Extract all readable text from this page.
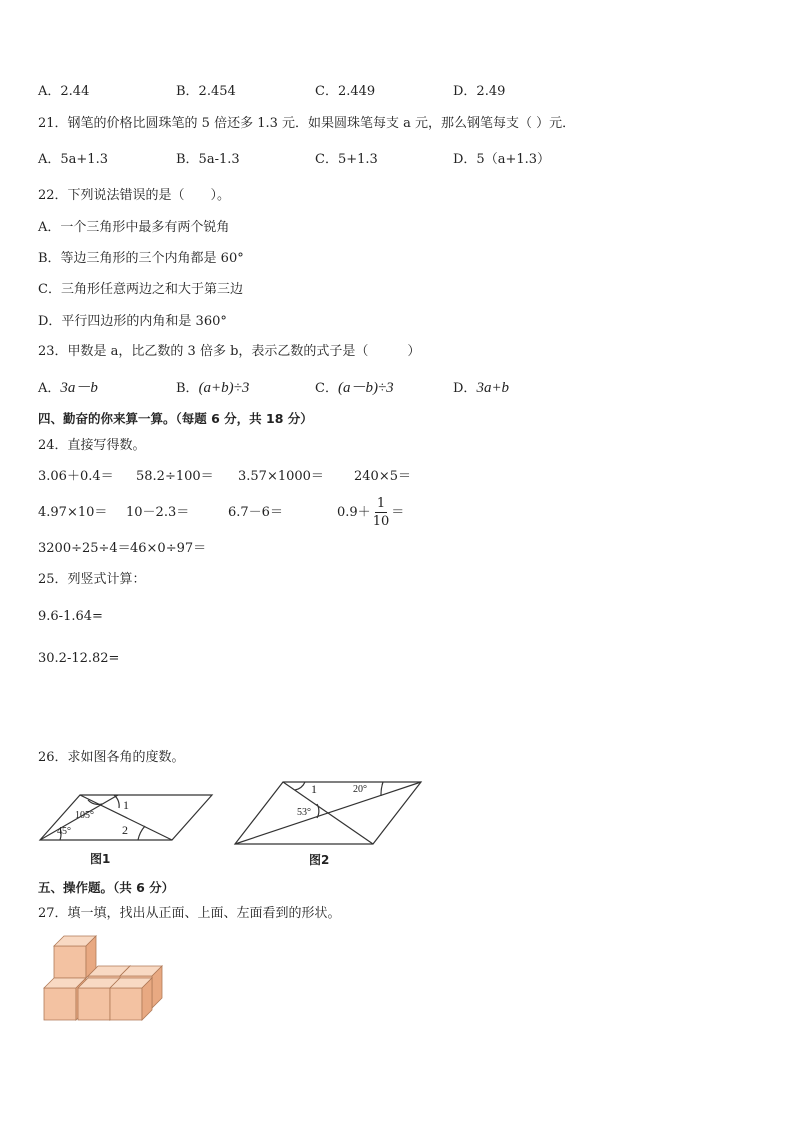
A．2.44	B．2.454	C．2.449	D．2.49
21．钢笔的价格比圆珠笔的 5 倍还多 1.3 元．如果圆珠笔每支 a 元，那么钢笔每支（ ）元．
A．5a+1.3	B．5a-1.3	C．5+1.3	D．5（a+1.3）
22．下列说法错误的是（　　）。
A．一个三角形中最多有两个锐角
B．等边三角形的三个内角都是 60°
C．三角形任意两边之和大于第三边
D．平行四边形的内角和是 360°
23．甲数是 a，比乙数的 3 倍多 b，表示乙数的式子是（　　　）
A．3a－b	B．(a+b)÷3	C．(a－b)÷3	D．3a+b
四、勤奋的你来算一算。（每题 6 分，共 18 分）
24．直接写得数。
3.06＋0.4＝ 58.2÷100＝ 3.57×1000＝ 240×5＝
4.97×10＝ 10－2.3＝	6.7－6＝	$0.9+ \frac{1}{10}$ ＝
3200÷25÷4＝ 46×0÷97＝
25．列竖式计算：
9.6-1.64=
30.2-12.82=
26．求如图各角的度数。
1
105°
45°	2
图1
1	20°
53°
图2
五、操作题。（共 6 分）
27．填一填，找出从正面、上面、左面看到的形状。
